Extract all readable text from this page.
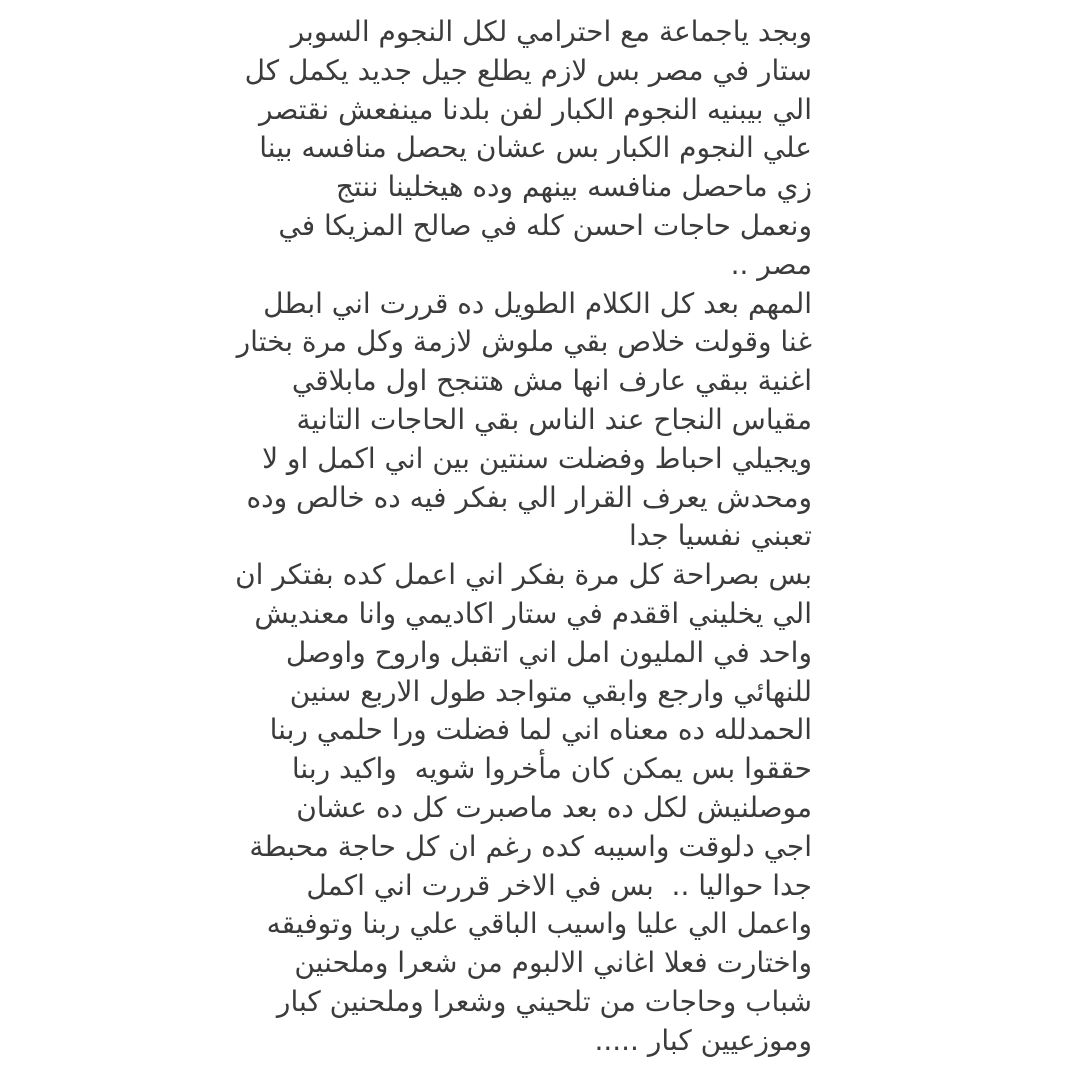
وبجد ياجماعة مع احترامي لكل النجوم السوبر
ستار في مصر بس لازم يطلع جيل جديد يكمل كل
الي بيبنيه النجوم الكبار لفن بلدنا مينفعش نقتصر
علي النجوم الكبار بس عشان يحصل منافسه بينا
زي ماحصل منافسه بينهم وده هيخلينا ننتج
ونعمل حاجات احسن كله في صالح المزيكا في
مصر ..
المهم بعد كل الكلام الطويل ده قررت اني ابطل
غنا وقولت خلاص بقي ملوش لازمة وكل مرة بختار
اغنية ببقي عارف انها مش هتنجح اول مابلاقي
مقياس النجاح عند الناس بقي الحاجات التانية
ويجيلي احباط وفضلت سنتين بين اني اكمل او لا
ومحدش يعرف القرار الي بفكر فيه ده خالص وده
تعبني نفسيا جدا
بس بصراحة كل مرة بفكر اني اعمل كده بفتكر ان
الي يخليني اققدم في ستار اكاديمي وانا معنديش
واحد في المليون امل اني اتقبل واروح واوصل
للنهائي وارجع وابقي متواجد طول الاربع سنين
الحمدلله ده معناه اني لما فضلت ورا حلمي ربنا
حققوا بس يمكن كان مأخروا شويه  واكيد ربنا
موصلنيش لكل ده بعد ماصبرت كل ده عشان
اجي دلوقت واسيبه كده رغم ان كل حاجة محبطة
جدا حواليا ..  بس في الاخر قررت اني اكمل
واعمل الي عليا واسيب الباقي علي ربنا وتوفيقه
واختارت فعلا اغاني الالبوم من شعرا وملحنين
شباب وحاجات من تلحيني وشعرا وملحنين كبار
وموزعيين كبار .....
